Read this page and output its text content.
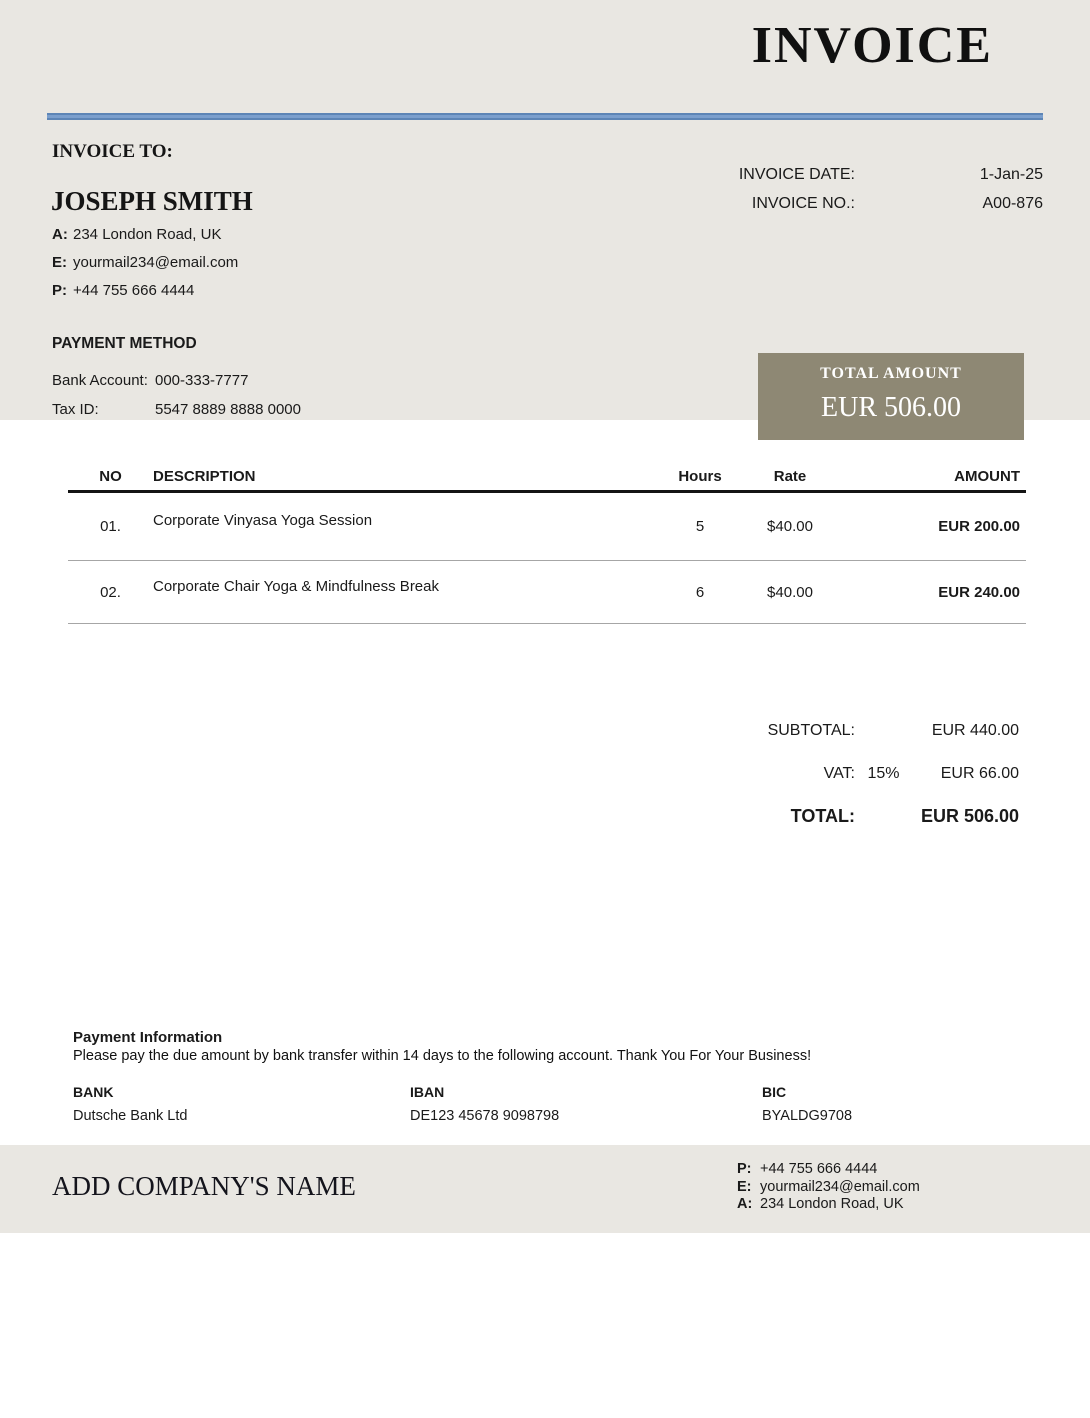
INVOICE
INVOICE TO:
JOSEPH SMITH
A: 234 London Road, UK
E: yourmail234@email.com
P: +44 755 666 4444
INVOICE DATE:	1-Jan-25
INVOICE NO.:	A00-876
PAYMENT METHOD
Bank Account: 000-333-7777
Tax ID:	5547 8889 8888 0000
TOTAL AMOUNT
EUR 506.00
NO	DESCRIPTION	Hours	Rate	AMOUNT
01.	Corporate Vinyasa Yoga Session	5	$40.00	EUR 200.00
02.	Corporate Chair Yoga & Mindfulness Break	6	$40.00	EUR 240.00
SUBTOTAL:	EUR 440.00
VAT: 15%	EUR 66.00
TOTAL:	EUR 506.00
Payment Information
Please pay the due amount by bank transfer within 14 days to the following account. Thank You For Your Business!
BANK
Dutsche Bank Ltd
IBAN
DE123 45678 9098798
BIC
BYALDG9708
ADD COMPANY'S NAME
P: +44 755 666 4444
E: yourmail234@email.com
A: 234 London Road, UK
